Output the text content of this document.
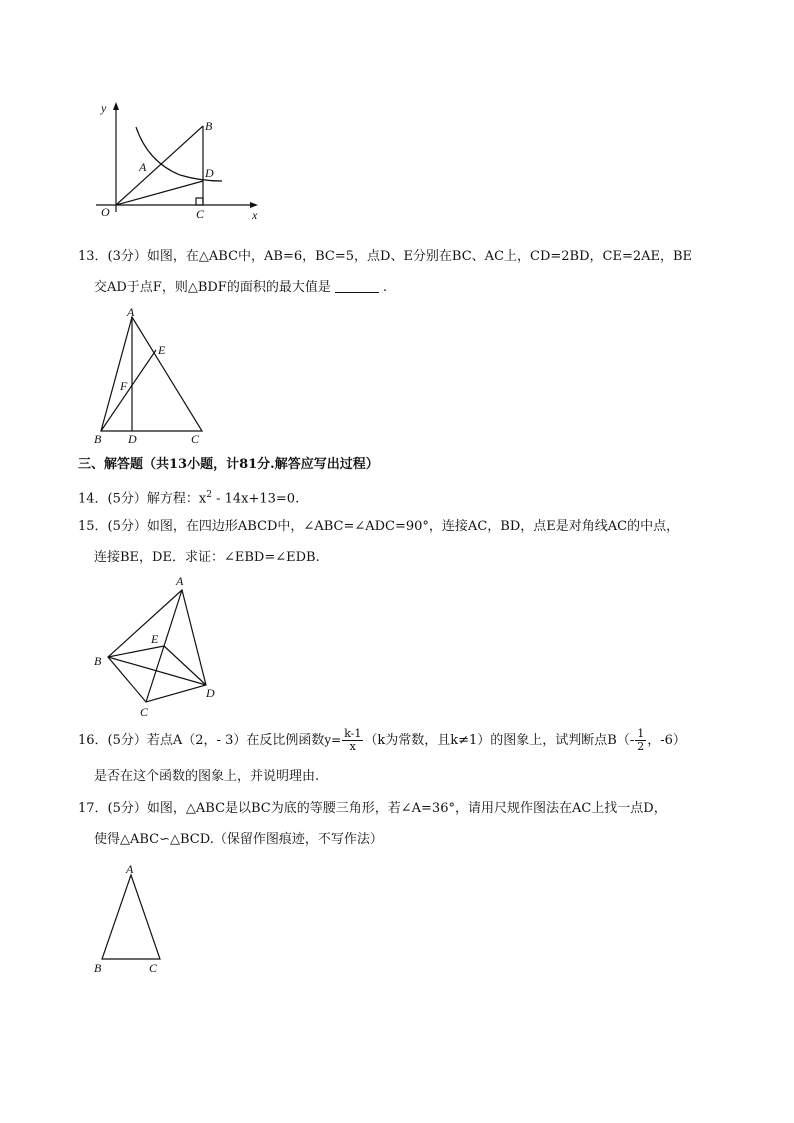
y
x
O
A
B
D
C
13．(3分）如图，在△ABC中，AB=6，BC=5，点D、E分别在BC、AC上，CD=2BD，CE=2AE，BE
交AD于点F，则△BDF的面积的最大值是	.
A
E
F
B D	C
三、解答题（共13小题，计81分.解答应写出过程）
14．(5分）解方程：$x^2 - 14x+13=0$.
15．(5分）如图，在四边形ABCD中，∠ABC=∠ADC=90°，连接AC，BD，点E是对角线AC的中点，
连接BE，DE．求证：∠EBD=∠EDB.
A
E
B
D
C
16．(5分）若点A（2，- 3）在反比例函数$y= \frac{k-1}{x} (k$为常数，且k≠1）的图象上，试判断点$B(- \frac{1}{2}$ ，-6）
是否在这个函数的图象上，并说明理由.
17．(5分）如图，△ABC是以BC为底的等腰三角形，若∠A=36°，请用尺规作图法在AC上找一点D，
使得△ABC∽△BCD.（保留作图痕迹，不写作法）
A
B	C
